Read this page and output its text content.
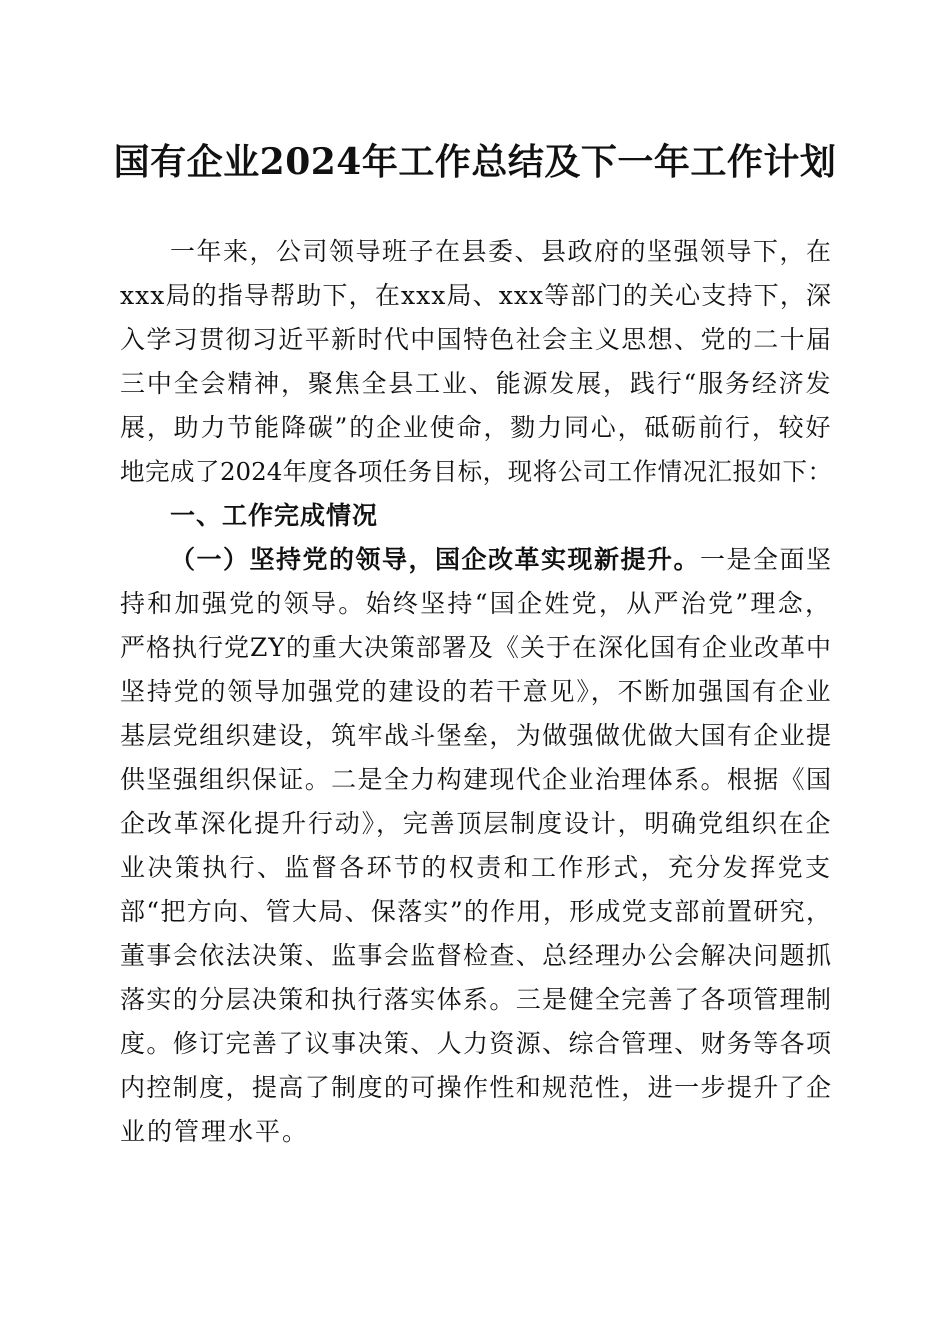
国有企业2024年工作总结及下一年工作计划
一年来，公司领导班子在县委、县政府的坚强领导下，在
xxx局的指导帮助下，在xxx局、xxx等部门的关心支持下，深
入学习贯彻习近平新时代中国特色社会主义思想、党的二十届
三中全会精神，聚焦全县工业、能源发展，践行“服务经济发
展，助力节能降碳”的企业使命，勠力同心，砥砺前行，较好
地完成了2024年度各项任务目标，现将公司工作情况汇报如下：
一、工作完成情况
（一）坚持党的领导，国企改革实现新提升。一是全面坚
持和加强党的领导。始终坚持“国企姓党，从严治党”理念，
严格执行党ZY的重大决策部署及《关于在深化国有企业改革中
坚持党的领导加强党的建设的若干意见》，不断加强国有企业
基层党组织建设，筑牢战斗堡垒，为做强做优做大国有企业提
供坚强组织保证。二是全力构建现代企业治理体系。根据《国
企改革深化提升行动》，完善顶层制度设计，明确党组织在企
业决策执行、监督各环节的权责和工作形式，充分发挥党支
部“把方向、管大局、保落实”的作用，形成党支部前置研究，
董事会依法决策、监事会监督检查、总经理办公会解决问题抓
落实的分层决策和执行落实体系。三是健全完善了各项管理制
度。修订完善了议事决策、人力资源、综合管理、财务等各项
内控制度，提高了制度的可操作性和规范性，进一步提升了企
业的管理水平。
